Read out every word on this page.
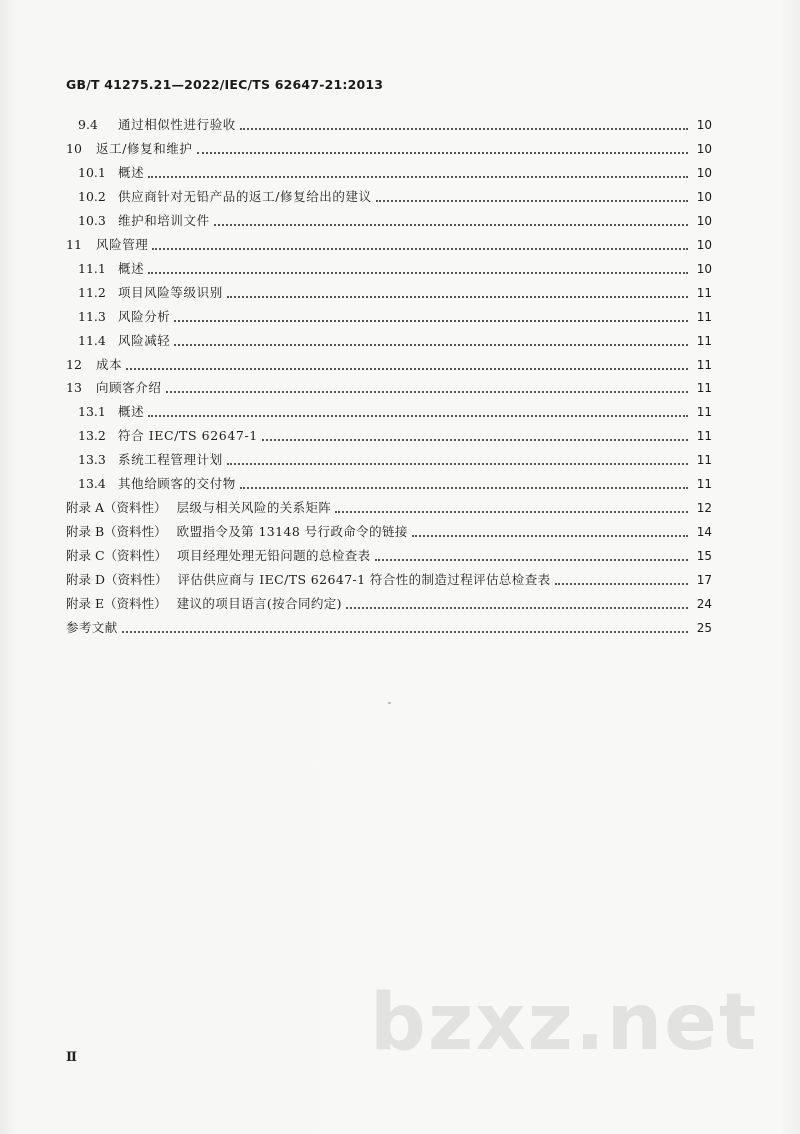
GB/T 41275.21—2022/IEC/TS 62647-21:2013
9.4	通过相似性进行验收	10
10	返工/修复和维护	10
10.1 概述	10
10.2 供应商针对无铅产品的返工/修复给出的建议	10
10.3 维护和培训文件	10
11	风险管理	10
11.1 概述	10
11.2 项目风险等级识别	11
11.3 风险分析	11
11.4 风险减轻	11
12	成本	11
13	向顾客介绍	11
13.1 概述	11
13.2 符合 IEC/TS 62647-1	11
13.3 系统工程管理计划	11
13.4 其他给顾客的交付物	11
附录 A（资料性） 层级与相关风险的关系矩阵	12
附录 B（资料性） 欧盟指令及第 13148 号行政命令的链接	14
附录 C（资料性） 项目经理处理无铅问题的总检查表	15
附录 D（资料性） 评估供应商与 IEC/TS 62647-1 符合性的制造过程评估总检查表	17
附录 E（资料性） 建议的项目语言(按合同约定)	24
参考文献	25
bzxz.net
Ⅱ
